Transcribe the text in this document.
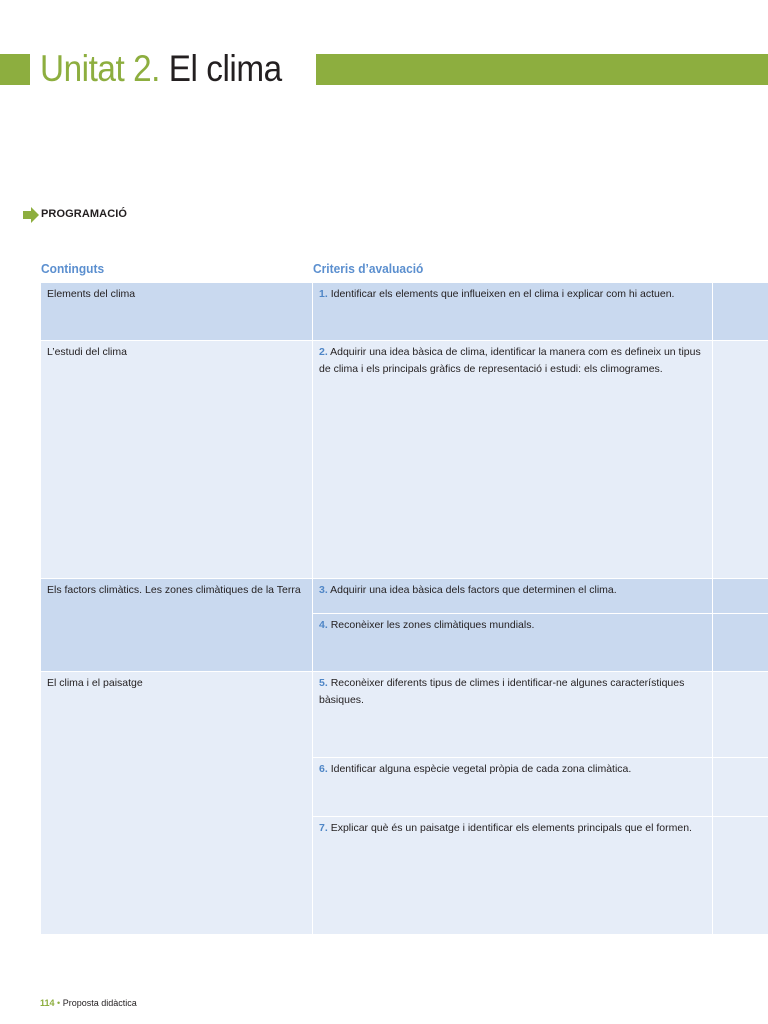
Unitat 2. El clima
PROGRAMACIÓ
Continguts	Criteris d’avaluació
Elements del clima	1. Identificar els elements que influeixen en el clima i explicar com hi actuen.
L’estudi del clima	2. Adquirir una idea bàsica de clima, identificar la manera com es defineix un tipus de clima i els principals gràfics de representació i estudi: els climogrames.
Els factors climàtics. Les zones climàtiques de la Terra	3. Adquirir una idea bàsica dels factors que determinen el clima.
4. Reconèixer les zones climàtiques mundials.
El clima i el paisatge	5. Reconèixer diferents tipus de climes i identificar-ne algunes característiques bàsiques.
6. Identificar alguna espècie vegetal pròpia de cada zona climàtica.
7. Explicar què és un paisatge i identificar els elements principals que el formen.
114 • Proposta didàctica
